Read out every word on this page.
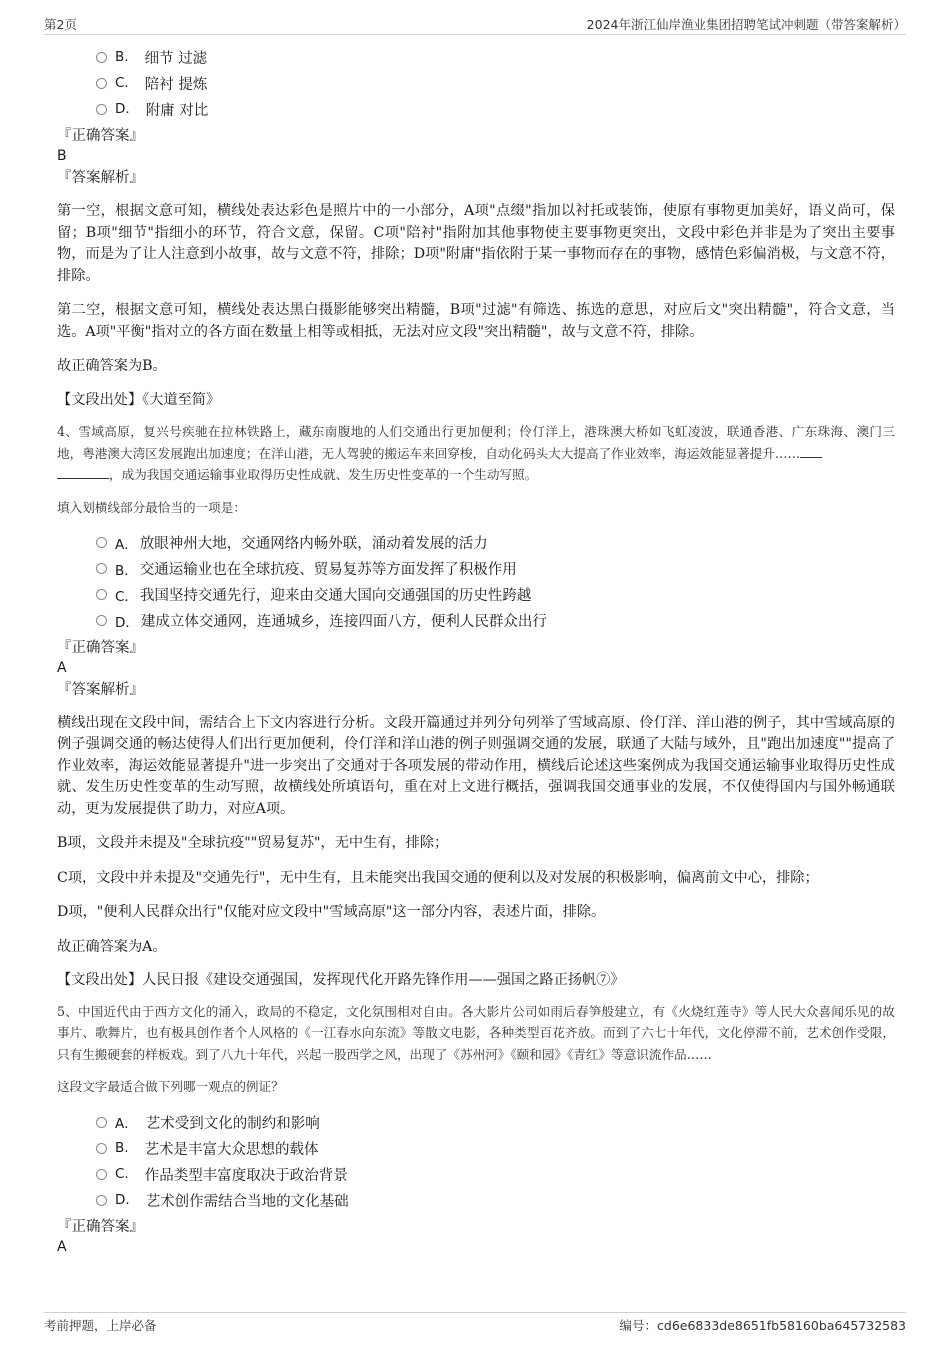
第2页	2024年浙江仙岸渔业集团招聘笔试冲刺题（带答案解析）
B. 细节 过滤
C. 陪衬 提炼
D. 附庸 对比

『正确答案』

B

『答案解析』

第一空，根据文意可知，横线处表达彩色是照片中的一小部分，A项"点缀"指加以衬托或装饰，使原有事物更加美好，语义尚可，保留；B项"细节"指细小的环节，符合文意，保留。C项"陪衬"指附加其他事物使主要事物更突出，文段中彩色并非是为了突出主要事物，而是为了让人注意到小故事，故与文意不符，排除；D项"附庸"指依附于某一事物而存在的事物，感情色彩偏消极，与文意不符，排除。

第二空，根据文意可知，横线处表达黑白摄影能够突出精髓，B项"过滤"有筛选、拣选的意思，对应后文"突出精髓"，符合文意，当选。A项"平衡"指对立的各方面在数量上相等或相抵，无法对应文段"突出精髓"，故与文意不符，排除。

故正确答案为B。

【文段出处】《大道至简》

4、雪域高原，复兴号疾驰在拉林铁路上，藏东南腹地的人们交通出行更加便利；伶仃洋上，港珠澳大桥如飞虹凌波，联通香港、广东珠海、澳门三地，粤港澳大湾区发展跑出加速度；在洋山港，无人驾驶的搬运车来回穿梭，自动化码头大大提高了作业效率，海运效能显著提升……
，成为我国交通运输事业取得历史性成就、发生历史性变革的一个生动写照。

填入划横线部分最恰当的一项是：

A． 放眼神州大地，交通网络内畅外联，涌动着发展的活力
B． 交通运输业也在全球抗疫、贸易复苏等方面发挥了积极作用
C． 我国坚持交通先行，迎来由交通大国向交通强国的历史性跨越
D． 建成立体交通网，连通城乡，连接四面八方，便利人民群众出行

『正确答案』

A

『答案解析』

横线出现在文段中间，需结合上下文内容进行分析。文段开篇通过并列分句列举了雪域高原、伶仃洋、洋山港的例子，其中雪域高原的例子强调交通的畅达使得人们出行更加便利，伶仃洋和洋山港的例子则强调交通的发展，联通了大陆与域外，且"跑出加速度""提高了作业效率，海运效能显著提升"进一步突出了交通对于各项发展的带动作用，横线后论述这些案例成为我国交通运输事业取得历史性成就、发生历史性变革的生动写照，故横线处所填语句，重在对上文进行概括，强调我国交通事业的发展，不仅使得国内与国外畅通联动，更为发展提供了助力，对应A项。

B项，文段并未提及"全球抗疫""贸易复苏"，无中生有，排除；

C项，文段中并未提及"交通先行"，无中生有，且未能突出我国交通的便利以及对发展的积极影响，偏离前文中心，排除；

D项，"便利人民群众出行"仅能对应文段中"雪域高原"这一部分内容，表述片面，排除。

故正确答案为A。

【文段出处】人民日报《建设交通强国，发挥现代化开路先锋作用——强国之路正扬帆⑦》

5、中国近代由于西方文化的涌入，政局的不稳定，文化氛围相对自由。各大影片公司如雨后春笋般建立，有《火烧红莲寺》等人民大众喜闻乐见的故事片、歌舞片，也有极具创作者个人风格的《一江春水向东流》等散文电影，各种类型百花齐放。而到了六七十年代，文化停滞不前，艺术创作受限，只有生搬硬套的样板戏。到了八九十年代，兴起一股西学之风，出现了《苏州河》《颐和园》《青红》等意识流作品……

这段文字最适合做下列哪一观点的例证？

A． 艺术受到文化的制约和影响
B. 艺术是丰富大众思想的载体
C. 作品类型丰富度取决于政治背景
D. 艺术创作需结合当地的文化基础

『正确答案』

A

考前押题，上岸必备	编号：cd6e6833de8651fb58160ba645732583
